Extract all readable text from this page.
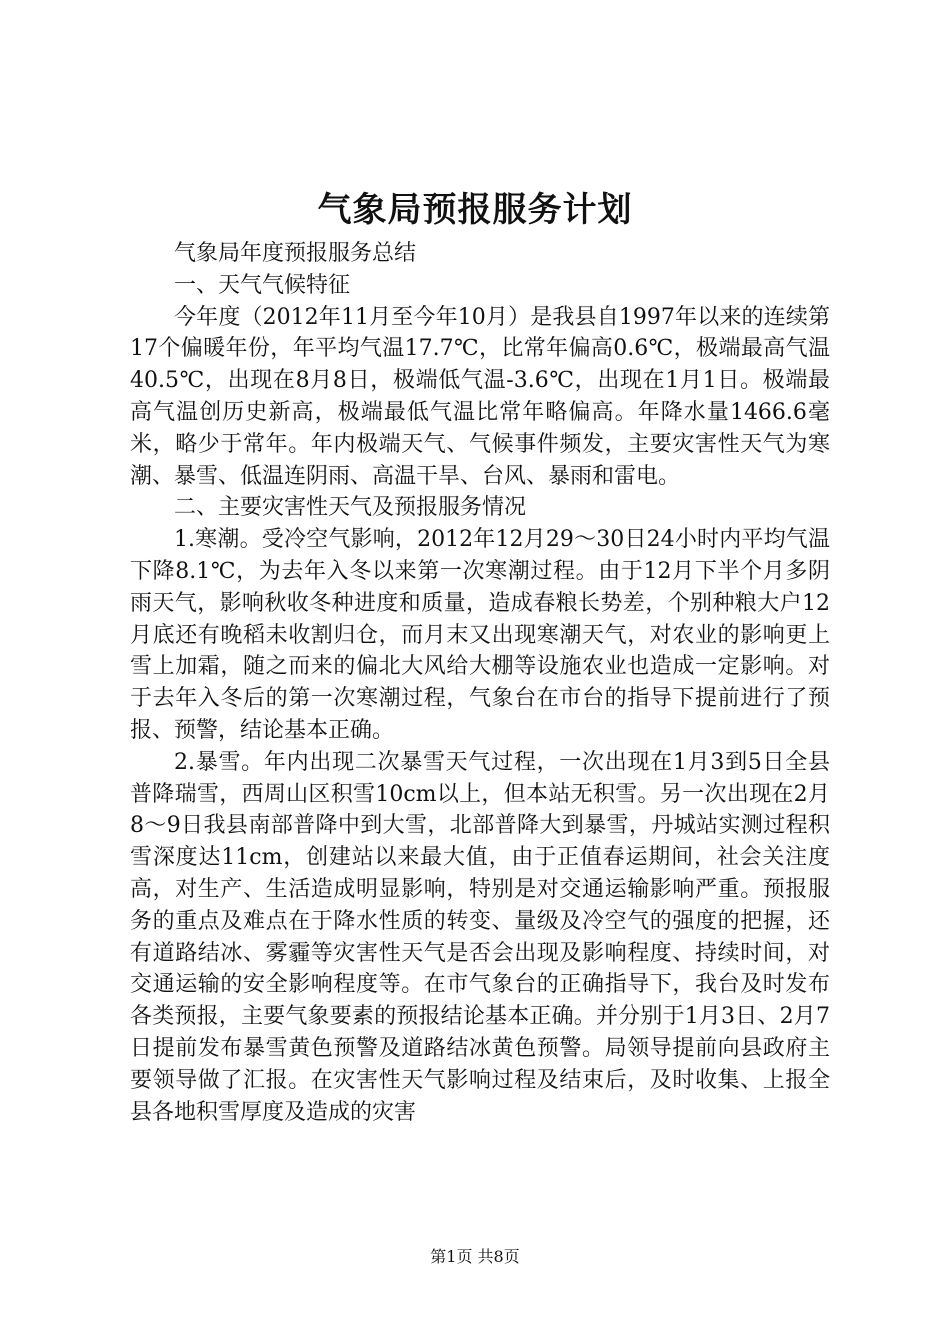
气象局预报服务计划

气象局年度预报服务总结

一、天气气候特征

今年度（2012年11月至今年10月）是我县自1997年以来的连续第17个偏暖年份，年平均气温17.7℃，比常年偏高0.6℃，极端最高气温40.5℃，出现在8月8日，极端低气温-3.6℃，出现在1月1日。极端最高气温创历史新高，极端最低气温比常年略偏高。年降水量1466.6毫米，略少于常年。年内极端天气、气候事件频发，主要灾害性天气为寒潮、暴雪、低温连阴雨、高温干旱、台风、暴雨和雷电。

二、主要灾害性天气及预报服务情况

1.寒潮。受冷空气影响，2012年12月29～30日24小时内平均气温下降8.1℃，为去年入冬以来第一次寒潮过程。由于12月下半个月多阴雨天气，影响秋收冬种进度和质量，造成春粮长势差，个别种粮大户12月底还有晚稻未收割归仓，而月末又出现寒潮天气，对农业的影响更上雪上加霜，随之而来的偏北大风给大棚等设施农业也造成一定影响。对于去年入冬后的第一次寒潮过程，气象台在市台的指导下提前进行了预报、预警，结论基本正确。

2.暴雪。年内出现二次暴雪天气过程，一次出现在1月3到5日全县普降瑞雪，西周山区积雪10cm以上，但本站无积雪。另一次出现在2月8～9日我县南部普降中到大雪，北部普降大到暴雪，丹城站实测过程积雪深度达11cm，创建站以来最大值，由于正值春运期间，社会关注度高，对生产、生活造成明显影响，特别是对交通运输影响严重。预报服务的重点及难点在于降水性质的转变、量级及冷空气的强度的把握，还有道路结冰、雾霾等灾害性天气是否会出现及影响程度、持续时间，对交通运输的安全影响程度等。在市气象台的正确指导下，我台及时发布各类预报，主要气象要素的预报结论基本正确。并分别于1月3日、2月7日提前发布暴雪黄色预警及道路结冰黄色预警。局领导提前向县政府主要领导做了汇报。在灾害性天气影响过程及结束后，及时收集、上报全县各地积雪厚度及造成的灾害

第1页 共8页
